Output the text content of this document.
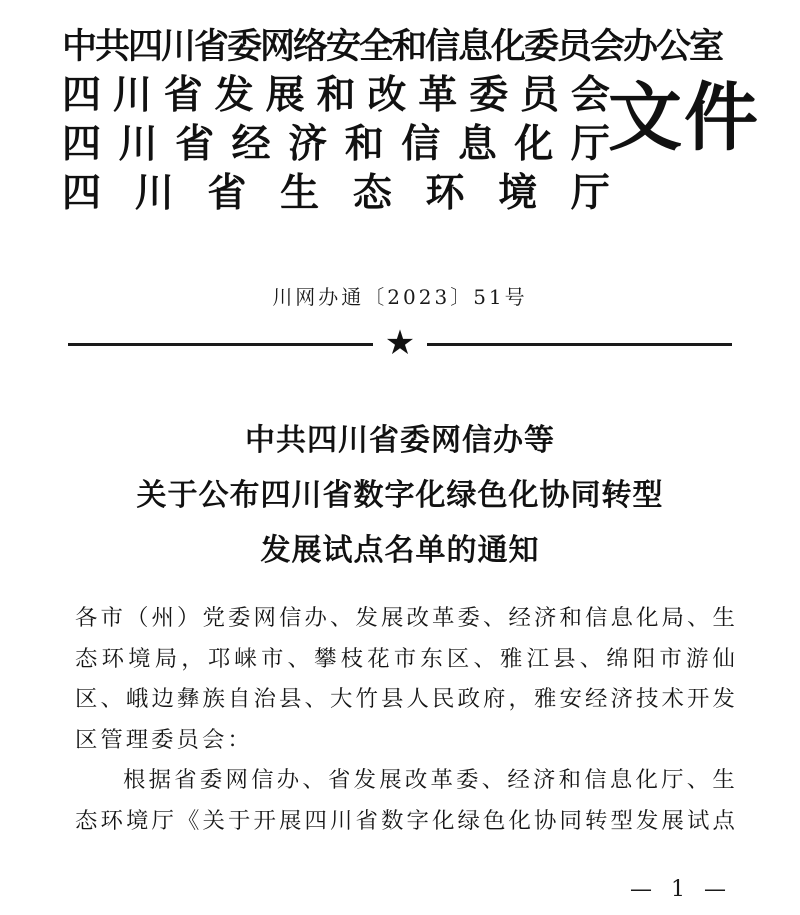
中共四川省委网络安全和信息化委员会办公室
四 川 省 发 展 和 改 革 委 员 会
四 川 省 经 济 和 信 息 化 厅
四 川 省 生 态 环 境 厅
文件
川网办通〔2023〕51号
★
中共四川省委网信办等
关于公布四川省数字化绿色化协同转型
发展试点名单的通知
各 市 （ 州 ） 党 委 网 信 办 、 发 展 改 革 委 、 经 济 和 信 息 化 局 、 生
态 环 境 局 ， 邛 崃 市 、 攀 枝 花 市 东 区 、 雅 江 县 、 绵 阳 市 游 仙
区 、 峨 边 彝 族 自 治 县 、 大 竹 县 人 民 政 府 ， 雅 安 经 济 技 术 开 发
区管理委员会：
根 据 省 委 网 信 办 、 省 发 展 改 革 委 、 经 济 和 信 息 化 厅 、 生
态 环 境 厅 《 关 于 开 展 四 川 省 数 字 化 绿 色 化 协 同 转 型 发 展 试 点
— 1 —
